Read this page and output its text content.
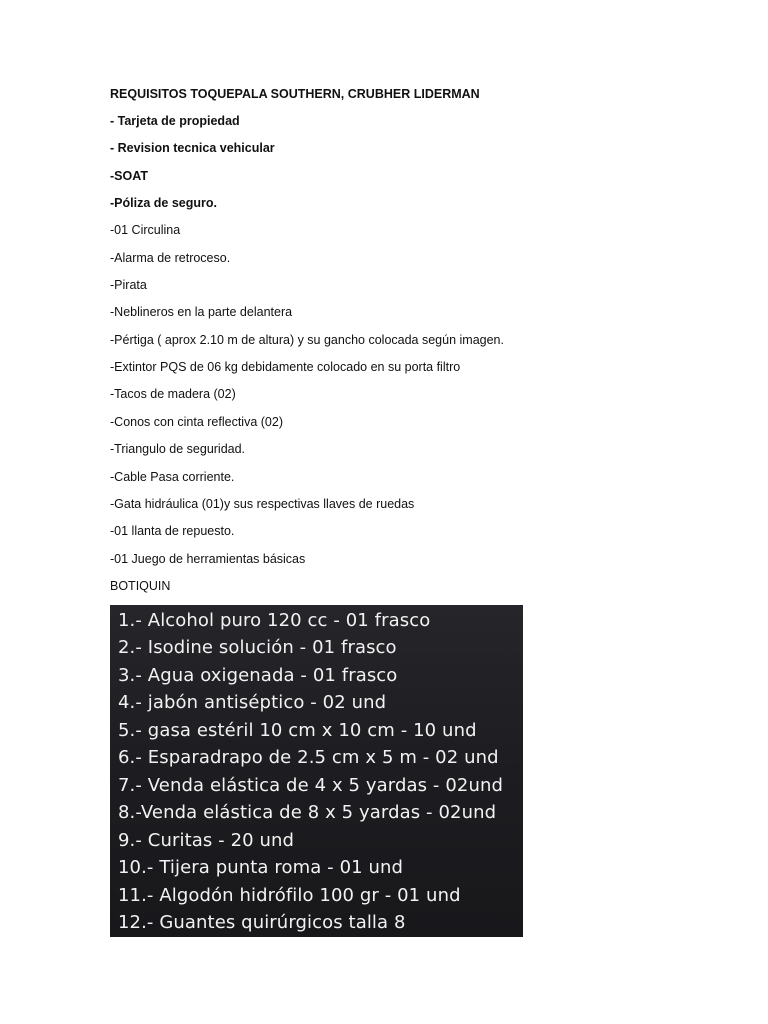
REQUISITOS TOQUEPALA SOUTHERN, CRUBHER LIDERMAN
- Tarjeta de propiedad
- Revision tecnica vehicular
-SOAT
-Póliza de seguro.
-01 Circulina
-Alarma de retroceso.
-Pirata
-Neblineros en la parte delantera
-Pértiga ( aprox 2.10 m de altura) y su gancho colocada según imagen.
-Extintor PQS de 06 kg debidamente colocado en su porta filtro
-Tacos de madera (02)
-Conos con cinta reflectiva (02)
-Triangulo de seguridad.
-Cable Pasa corriente.
-Gata hidráulica (01)y sus respectivas llaves de ruedas
-01 llanta de repuesto.
-01 Juego de herramientas básicas
BOTIQUIN
1.- Alcohol puro 120 cc - 01 frasco
2.- Isodine solución - 01 frasco
3.- Agua oxigenada - 01 frasco
4.- jabón antiséptico - 02 und
5.- gasa estéril 10 cm x 10 cm - 10 und
6.- Esparadrapo de 2.5 cm x 5 m - 02 und
7.- Venda elástica de 4 x 5 yardas - 02und
8.-Venda elástica de 8 x 5 yardas - 02und
9.- Curitas - 20 und
10.- Tijera punta roma - 01 und
11.- Algodón hidrófilo 100 gr - 01 und
12.- Guantes quirúrgicos talla 8
